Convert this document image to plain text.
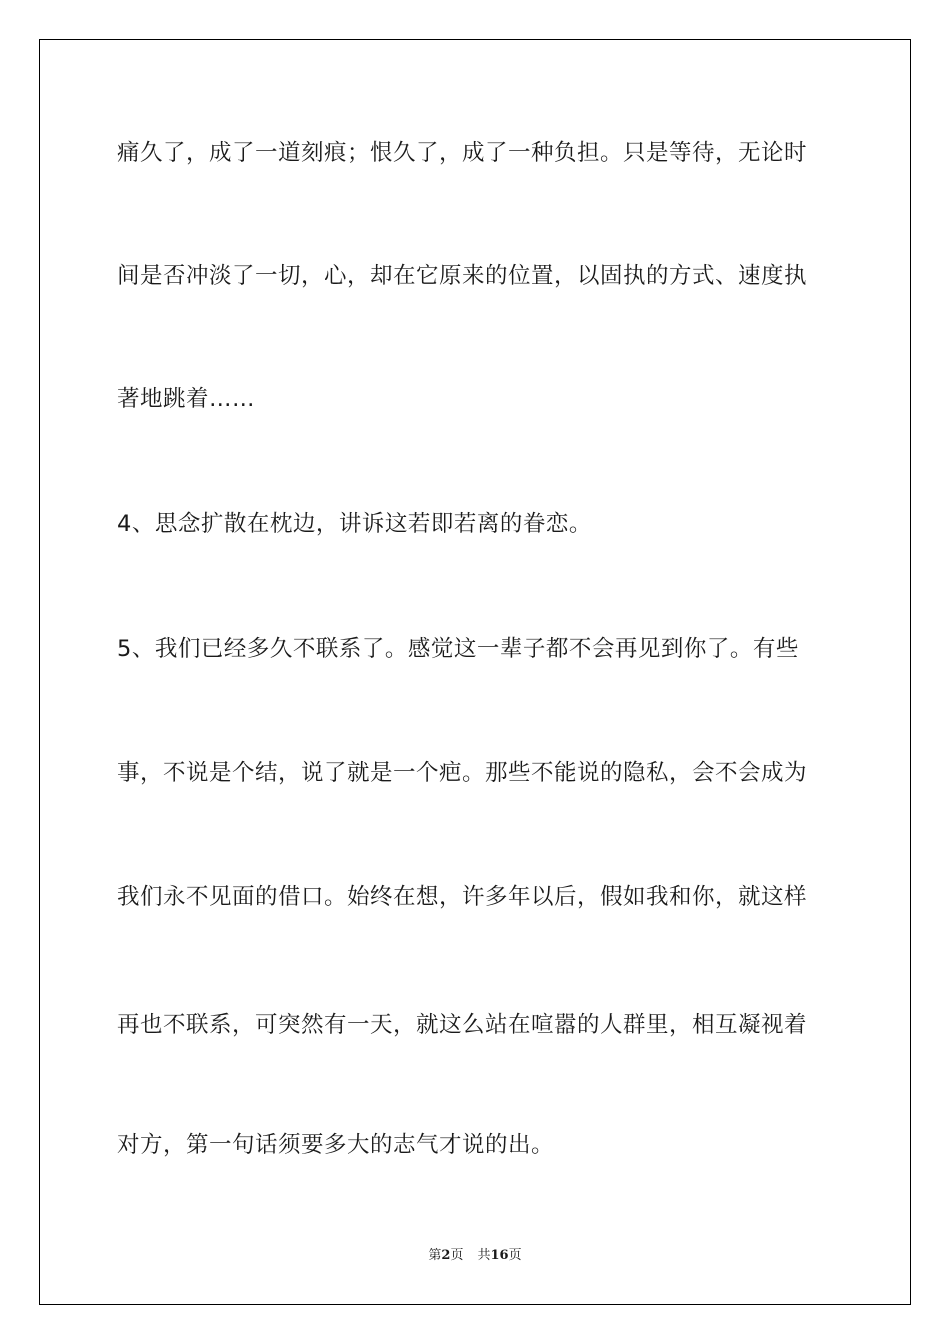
痛久了，成了一道刻痕；恨久了，成了一种负担。只是等待，无论时
间是否冲淡了一切，心，却在它原来的位置，以固执的方式、速度执
著地跳着……
4、思念扩散在枕边，讲诉这若即若离的眷恋。
5、我们已经多久不联系了。感觉这一辈子都不会再见到你了。有些
事，不说是个结，说了就是一个疤。那些不能说的隐私，会不会成为
我们永不见面的借口。始终在想，许多年以后，假如我和你，就这样
再也不联系，可突然有一天，就这么站在喧嚣的人群里，相互凝视着
对方，第一句话须要多大的志气才说的出。
第2页 共16页
